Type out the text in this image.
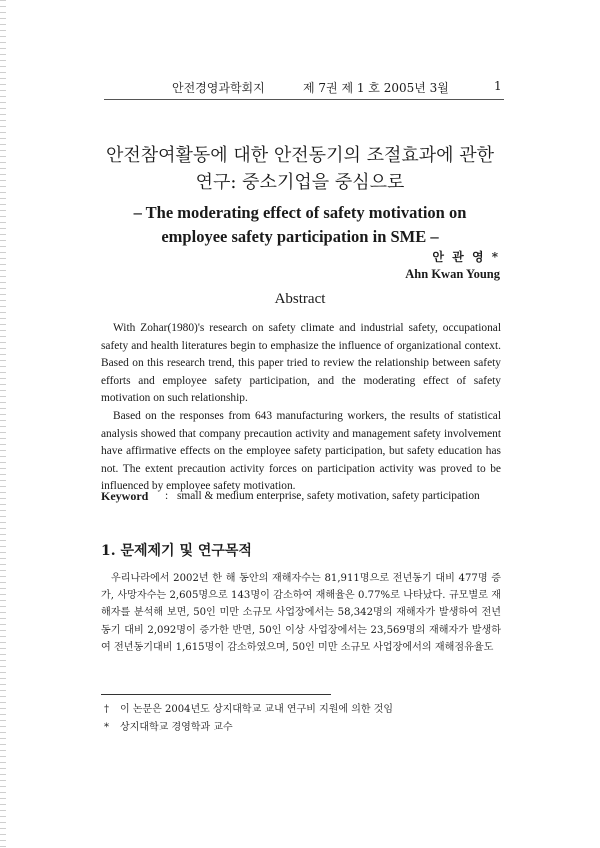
안전경영과학회지	제 7권 제 1 호 2005년 3월	1
안전참여활동에 대한 안전동기의 조절효과에 관한
연구: 중소기업을 중심으로
– The moderating effect of safety motivation on
employee safety participation in SME –
안 관 영 *
Ahn Kwan Young
Abstract

With Zohar(1980)'s research on safety climate and industrial safety, occupational safety and health literatures begin to emphasize the influence of organizational context. Based on this research trend, this paper tried to review the relationship between safety efforts and employee safety participation, and the moderating effect of safety motivation on such relationship.

Based on the responses from 643 manufacturing workers, the results of statistical analysis showed that company precaution activity and management safety involvement have affirmative effects on the employee safety participation, but safety education has not. The extent precaution activity forces on participation activity was proved to be influenced by employee safety motivation.

Keyword : small & medium enterprise, safety motivation, safety participation
1. 문제제기 및 연구목적

우리나라에서 2002년 한 해 동안의 재해자수는 81,911명으로 전년동기 대비 477명 증가, 사망자수는 2,605명으로 143명이 감소하여 재해율은 0.77%로 나타났다. 규모별로 재해자를 분석해 보면, 50인 미만 소규모 사업장에서는 58,342명의 재해자가 발생하여 전년동기 대비 2,092명이 증가한 반면, 50인 이상 사업장에서는 23,569명의 재해자가 발생하여 전년동기대비 1,615명이 감소하였으며, 50인 미만 소규모 사업장에서의 재해점유율도

† 이 논문은 2004년도 상지대학교 교내 연구비 지원에 의한 것임
* 상지대학교 경영학과 교수
